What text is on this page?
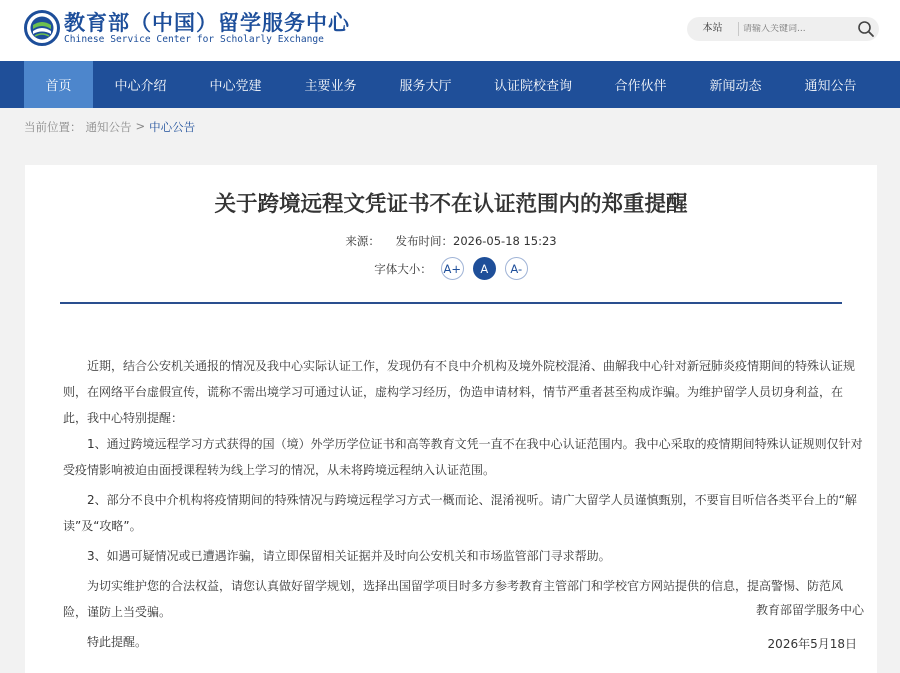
教育部（中国）留学服务中心
Chinese Service Center for Scholarly Exchange
本站
请输入关键词...
首页	中心介绍	中心党建	主要业务	服务大厅	认证院校查询	合作伙伴	新闻动态	通知公告
当前位置： 通知公告 > 中心公告
关于跨境远程文凭证书不在认证范围内的郑重提醒
来源： 发布时间：2026-05-18 15:23
字体大小： A+	A	A-

近期，结合公安机关通报的情况及我中心实际认证工作，发现仍有不良中介机构及境外院校混淆、曲解我中心针对新冠肺炎疫情期间的特殊认证规则，在网络平台虚假宣传，谎称不需出境学习可通过认证，虚构学习经历，伪造申请材料，情节严重者甚至构成诈骗。为维护留学人员切身利益，在此，我中心特别提醒：

1、通过跨境远程学习方式获得的国（境）外学历学位证书和高等教育文凭一直不在我中心认证范围内。我中心采取的疫情期间特殊认证规则仅针对受疫情影响被迫由面授课程转为线上学习的情况，从未将跨境远程纳入认证范围。

2、部分不良中介机构将疫情期间的特殊情况与跨境远程学习方式一概而论、混淆视听。请广大留学人员谨慎甄别，不要盲目听信各类平台上的“解读”及“攻略”。

3、如遇可疑情况或已遭遇诈骗，请立即保留相关证据并及时向公安机关和市场监管部门寻求帮助。

为切实维护您的合法权益，请您认真做好留学规划，选择出国留学项目时多方参考教育主管部门和学校官方网站提供的信息，提高警惕、防范风险，谨防上当受骗。

特此提醒。

教育部留学服务中心
2026年5月18日
